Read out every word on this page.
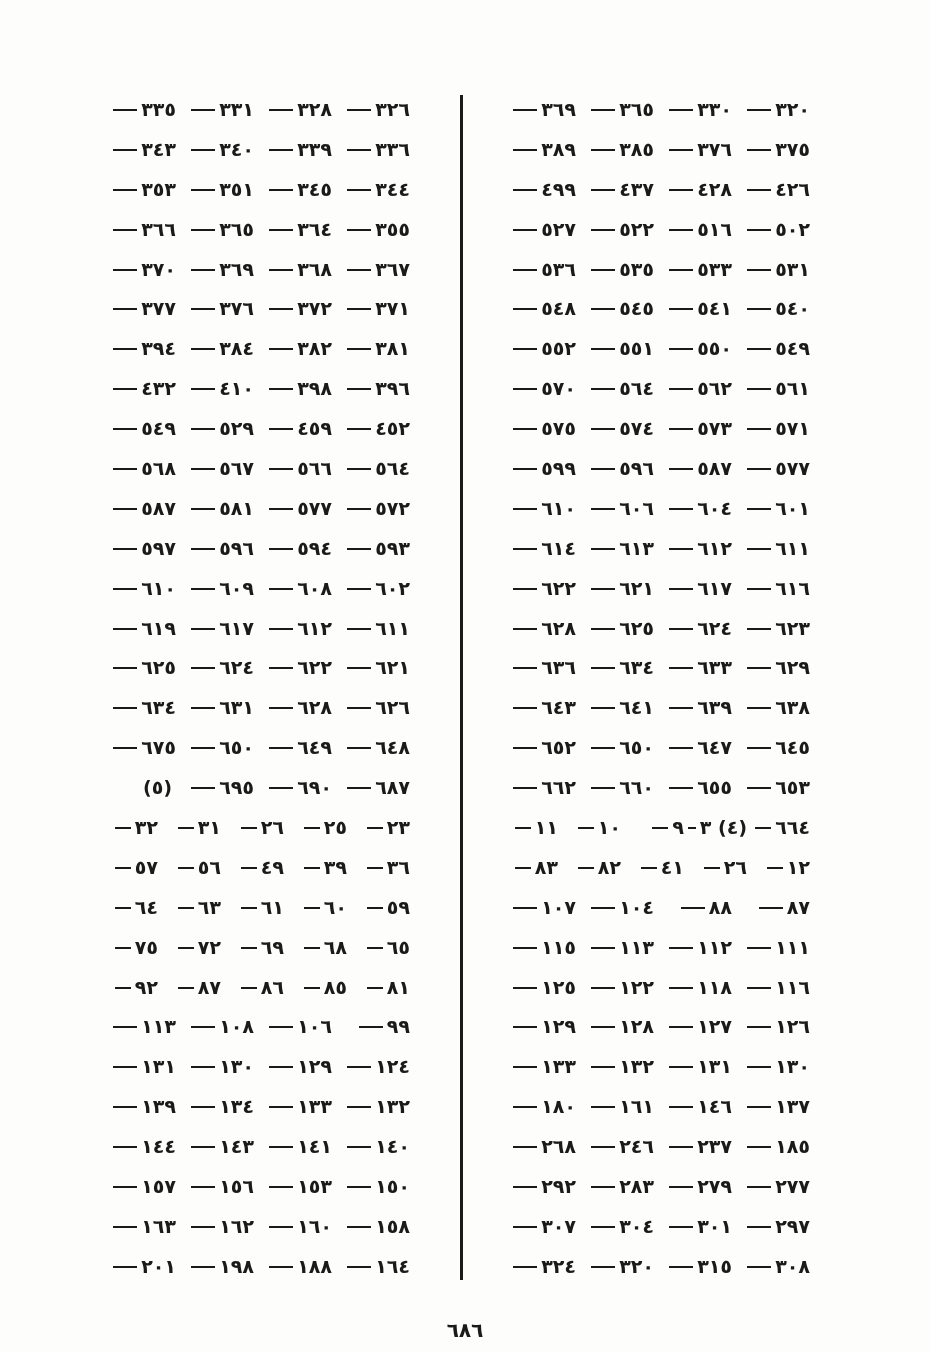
٣٢٠
٣٣٠
٣٦٥
٣٦٩
٣٧٥
٣٧٦
٣٨٥
٣٨٩
٤٢٦
٤٢٨
٤٣٧
٤٩٩
٥٠٢
٥١٦
٥٢٢
٥٢٧
٥٣١
٥٣٣
٥٣٥
٥٣٦
٥٤٠
٥٤١
٥٤٥
٥٤٨
٥٤٩
٥٥٠
٥٥١
٥٥٢
٥٦١
٥٦٢
٥٦٤
٥٧٠
٥٧١
٥٧٣
٥٧٤
٥٧٥
٥٧٧
٥٨٧
٥٩٦
٥٩٩
٦٠١
٦٠٤
٦٠٦
٦١٠
٦١١
٦١٢
٦١٣
٦١٤
٦١٦
٦١٧
٦٢١
٦٢٢
٦٢٣
٦٢٤
٦٢٥
٦٢٨
٦٢٩
٦٣٣
٦٣٤
٦٣٦
٦٣٨
٦٣٩
٦٤١
٦٤٣
٦٤٥
٦٤٧
٦٥٠
٦٥٢
٦٥٣
٦٥٥
٦٦٠
٦٦٢
٦٦٤
(٤) ٣
٩
١٠
١١
١٢
٢٦
٤١
٨٢
٨٣
٨٧
٨٨
١٠٤
١٠٧
١١١
١١٢
١١٣
١١٥
١١٦
١١٨
١٢٢
١٢٥
١٢٦
١٢٧
١٢٨
١٢٩
١٣٠
١٣١
١٣٢
١٣٣
١٣٧
١٤٦
١٦١
١٨٠
١٨٥
٢٣٧
٢٤٦
٢٦٨
٢٧٧
٢٧٩
٢٨٣
٢٩٢
٢٩٧
٣٠١
٣٠٤
٣٠٧
٣٠٨
٣١٥
٣٢٠
٣٢٤
٣٢٦
٣٢٨
٣٣١
٣٣٥
٣٣٦
٣٣٩
٣٤٠
٣٤٣
٣٤٤
٣٤٥
٣٥١
٣٥٣
٣٥٥
٣٦٤
٣٦٥
٣٦٦
٣٦٧
٣٦٨
٣٦٩
٣٧٠
٣٧١
٣٧٢
٣٧٦
٣٧٧
٣٨١
٣٨٢
٣٨٤
٣٩٤
٣٩٦
٣٩٨
٤١٠
٤٣٢
٤٥٢
٤٥٩
٥٢٩
٥٤٩
٥٦٤
٥٦٦
٥٦٧
٥٦٨
٥٧٢
٥٧٧
٥٨١
٥٨٧
٥٩٣
٥٩٤
٥٩٦
٥٩٧
٦٠٢
٦٠٨
٦٠٩
٦١٠
٦١١
٦١٢
٦١٧
٦١٩
٦٢١
٦٢٢
٦٢٤
٦٢٥
٦٢٦
٦٢٨
٦٣١
٦٣٤
٦٤٨
٦٤٩
٦٥٠
٦٧٥
٦٨٧
٦٩٠
٦٩٥
(٥)
٢٣
٢٥
٢٦
٣١
٣٢
٣٦
٣٩
٤٩
٥٦
٥٧
٥٩
٦٠
٦١
٦٣
٦٤
٦٥
٦٨
٦٩
٧٢
٧٥
٨١
٨٥
٨٦
٨٧
٩٢
٩٩
١٠٦
١٠٨
١١٣
١٢٤
١٢٩
١٣٠
١٣١
١٣٢
١٣٣
١٣٤
١٣٩
١٤٠
١٤١
١٤٣
١٤٤
١٥٠
١٥٣
١٥٦
١٥٧
١٥٨
١٦٠
١٦٢
١٦٣
١٦٤
١٨٨
١٩٨
٢٠١
٦٨٦
